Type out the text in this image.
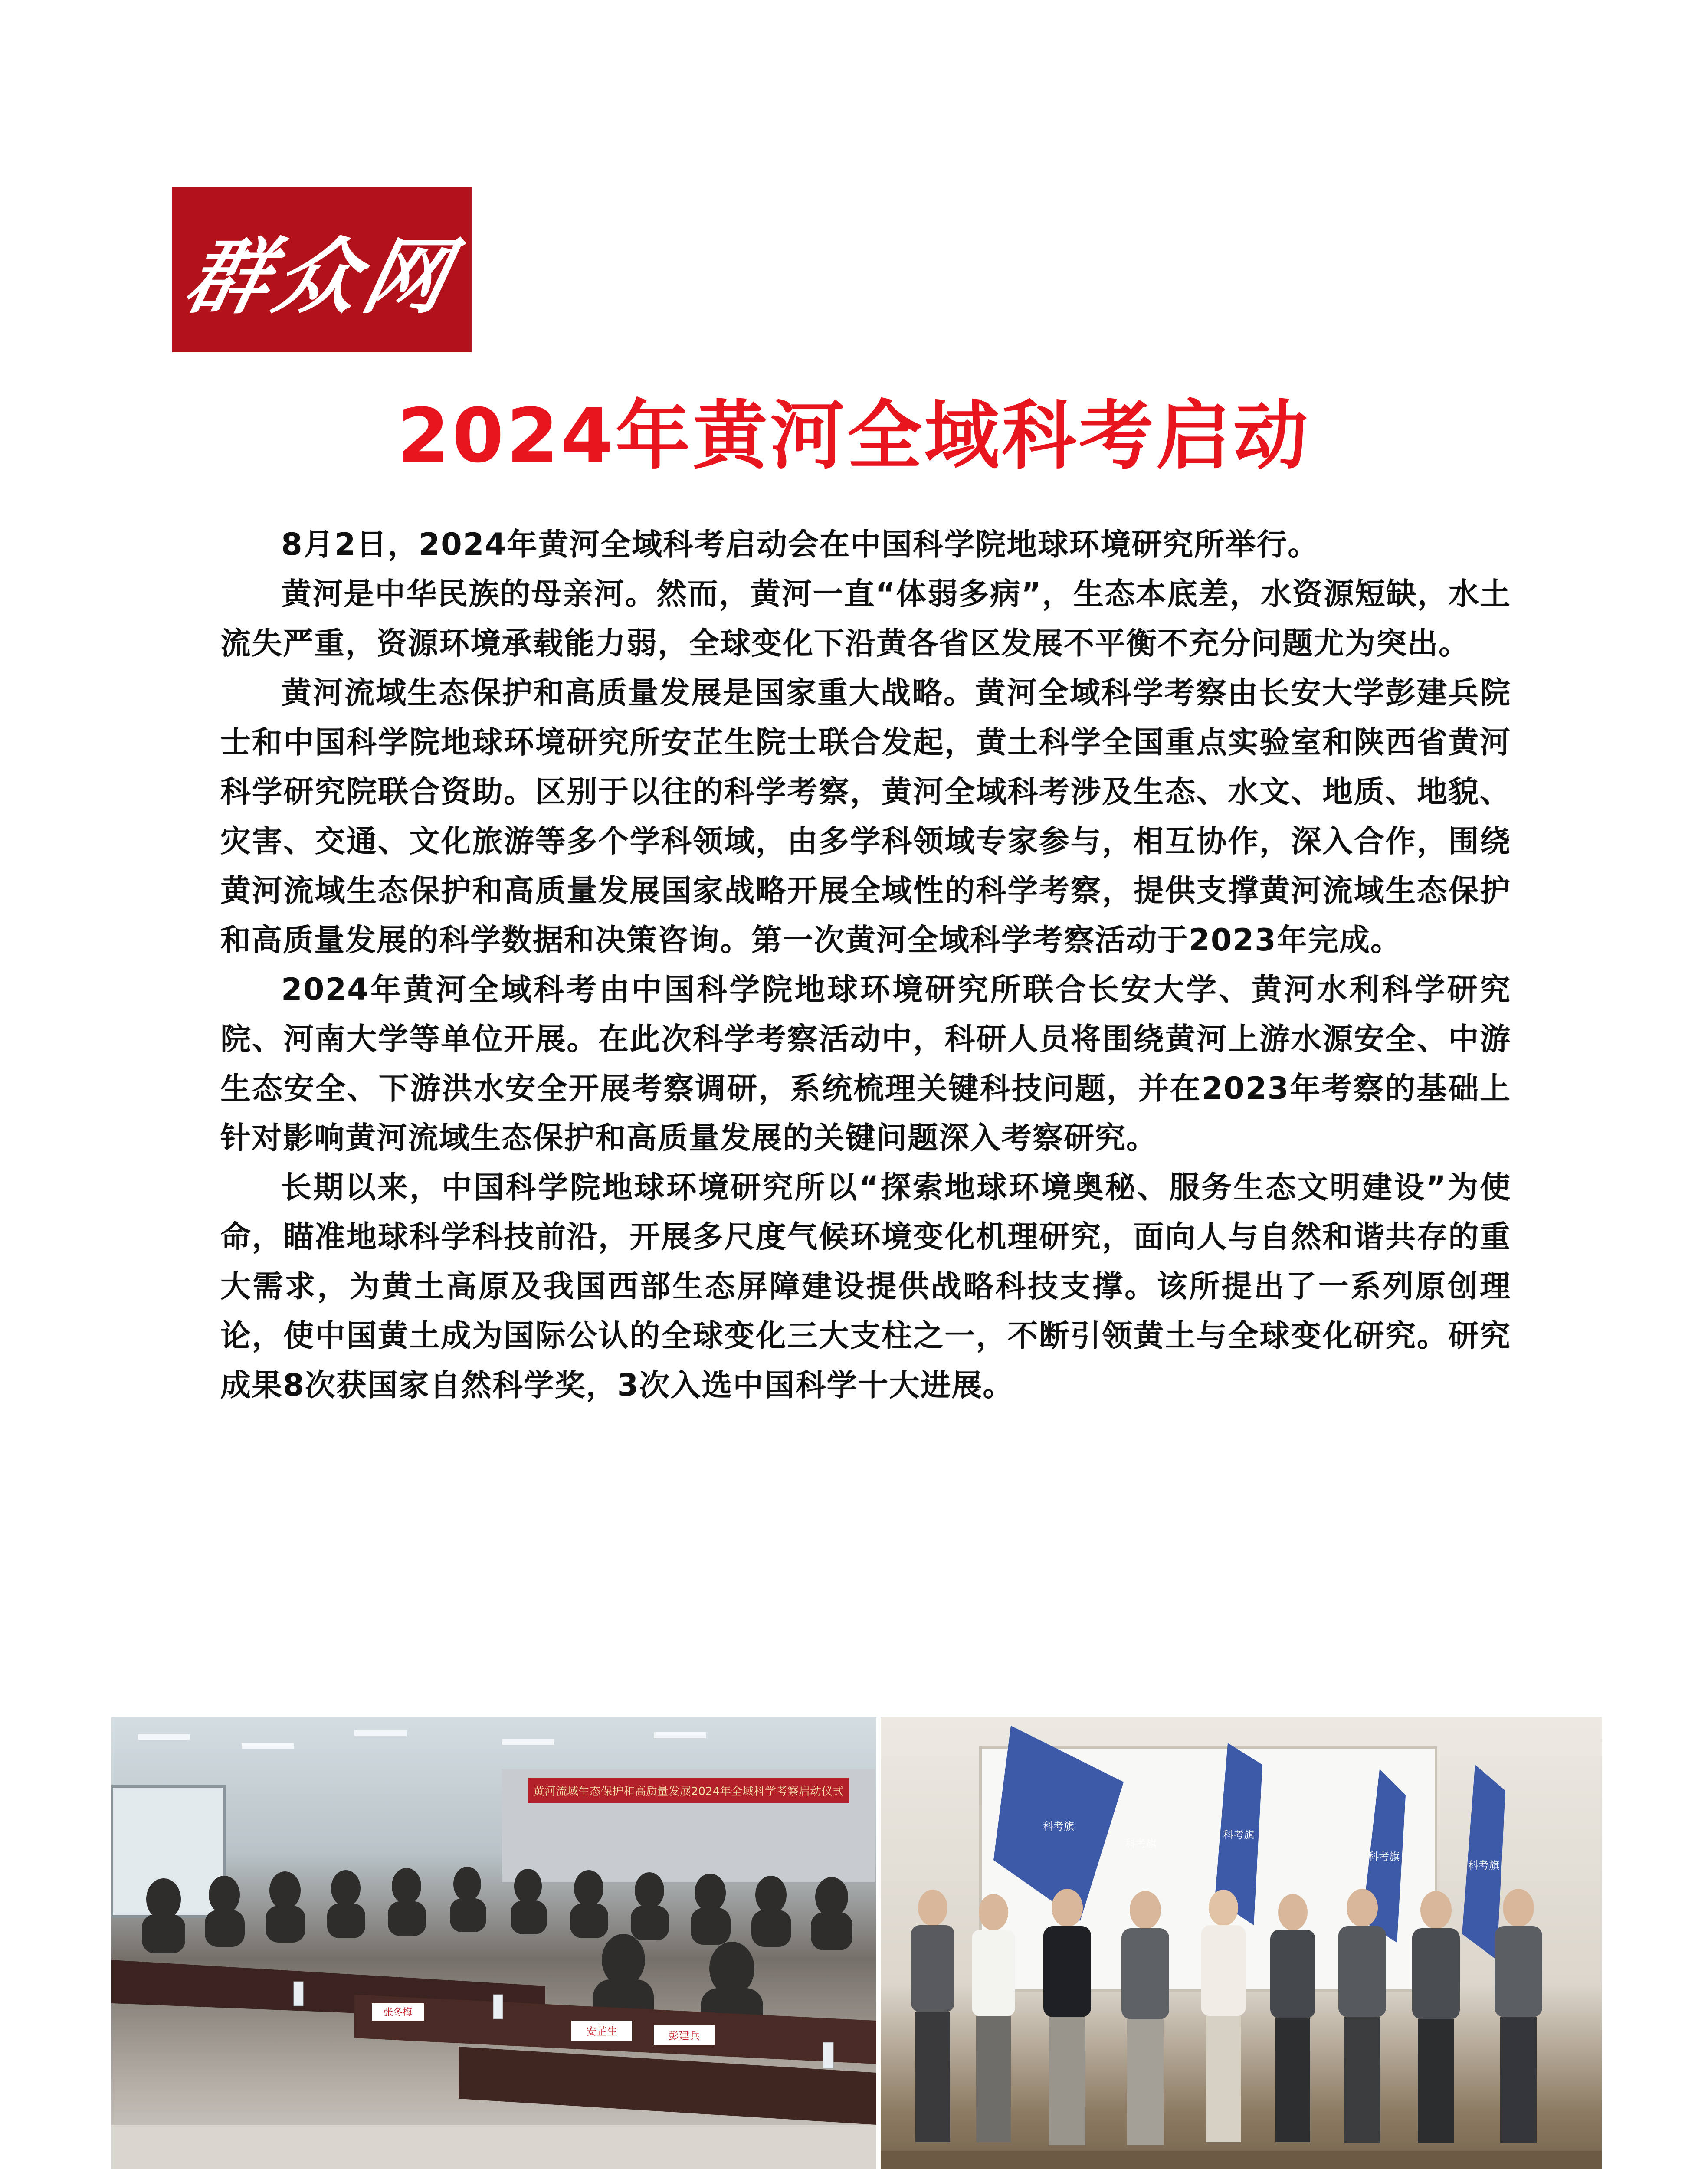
群众网
2024年黄河全域科考启动

8月2日，2024年黄河全域科考启动会在中国科学院地球环境研究所举行。

黄河是中华民族的母亲河。然而，黄河一直“体弱多病”，生态本底差，水资源短缺，水土流失严重，资源环境承载能力弱，全球变化下沿黄各省区发展不平衡不充分问题尤为突出。

黄河流域生态保护和高质量发展是国家重大战略。黄河全域科学考察由长安大学彭建兵院士和中国科学院地球环境研究所安芷生院士联合发起，黄土科学全国重点实验室和陕西省黄河科学研究院联合资助。区别于以往的科学考察，黄河全域科考涉及生态、水文、地质、地貌、灾害、交通、文化旅游等多个学科领域，由多学科领域专家参与，相互协作，深入合作，围绕黄河流域生态保护和高质量发展国家战略开展全域性的科学考察，提供支撑黄河流域生态保护和高质量发展的科学数据和决策咨询。第一次黄河全域科学考察活动于2023年完成。

2024年黄河全域科考由中国科学院地球环境研究所联合长安大学、黄河水利科学研究院、河南大学等单位开展。在此次科学考察活动中，科研人员将围绕黄河上游水源安全、中游生态安全、下游洪水安全开展考察调研，系统梳理关键科技问题，并在2023年考察的基础上针对影响黄河流域生态保护和高质量发展的关键问题深入考察研究。

长期以来，中国科学院地球环境研究所以“探索地球环境奥秘、服务生态文明建设”为使命，瞄准地球科学科技前沿，开展多尺度气候环境变化机理研究，面向人与自然和谐共存的重大需求，为黄土高原及我国西部生态屏障建设提供战略科技支撑。该所提出了一系列原创理论，使中国黄土成为国际公认的全球变化三大支柱之一，不断引领黄土与全球变化研究。研究成果8次获国家自然科学奖，3次入选中国科学十大进展。

黄河流域生态保护和高质量发展2024年全域科学考察启动仪式
安芷生	彭建兵
张冬梅
科考旗
科考旗
科考旗
科考旗
科考旗
